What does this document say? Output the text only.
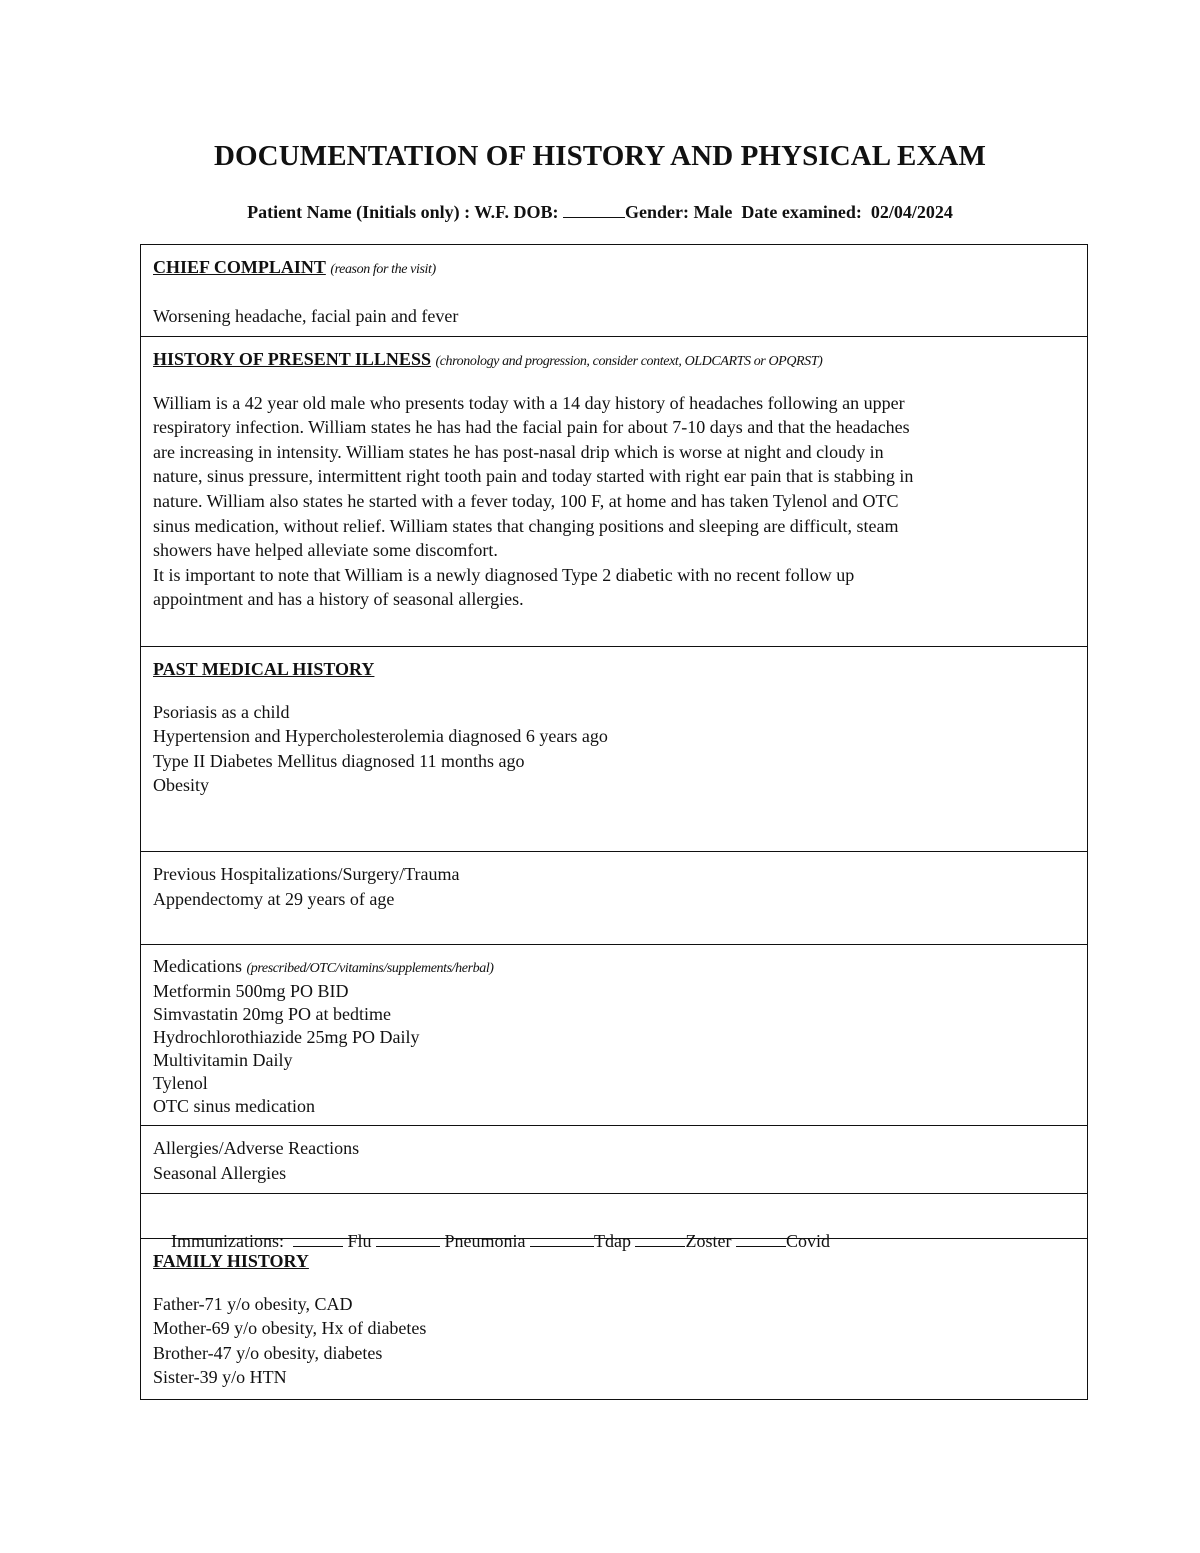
DOCUMENTATION OF HISTORY AND PHYSICAL EXAM
Patient Name (Initials only) : W.F. DOB:	Gender: Male  Date examined:  02/04/2024
CHIEF COMPLAINT (reason for the visit)

Worsening headache, facial pain and fever

HISTORY OF PRESENT ILLNESS (chronology and progression, consider context, OLDCARTS or OPQRST)
William is a 42 year old male who presents today with a 14 day history of headaches following an upper
respiratory infection. William states he has had the facial pain for about 7-10 days and that the headaches
are increasing in intensity. William states he has post-nasal drip which is worse at night and cloudy in
nature, sinus pressure, intermittent right tooth pain and today started with right ear pain that is stabbing in
nature. William also states he started with a fever today, 100 F, at home and has taken Tylenol and OTC
sinus medication, without relief. William states that changing positions and sleeping are difficult, steam
showers have helped alleviate some discomfort.
It is important to note that William is a newly diagnosed Type 2 diabetic with no recent follow up
appointment and has a history of seasonal allergies.
PAST MEDICAL HISTORY
Psoriasis as a child
Hypertension and Hypercholesterolemia diagnosed 6 years ago
Type II Diabetes Mellitus diagnosed 11 months ago
Obesity
Previous Hospitalizations/Surgery/Trauma
Appendectomy at 29 years of age
Medications (prescribed/OTC/vitamins/supplements/herbal)
Metformin 500mg PO BID
Simvastatin 20mg PO at bedtime
Hydrochlorothiazide 25mg PO Daily
Multivitamin Daily
Tylenol
OTC sinus medication
Allergies/Adverse Reactions
Seasonal Allergies

Immunizations:	Flu	Pneumonia	Tdap	Zoster	Covid

FAMILY HISTORY
Father-71 y/o obesity, CAD
Mother-69 y/o obesity, Hx of diabetes
Brother-47 y/o obesity, diabetes
Sister-39 y/o HTN
